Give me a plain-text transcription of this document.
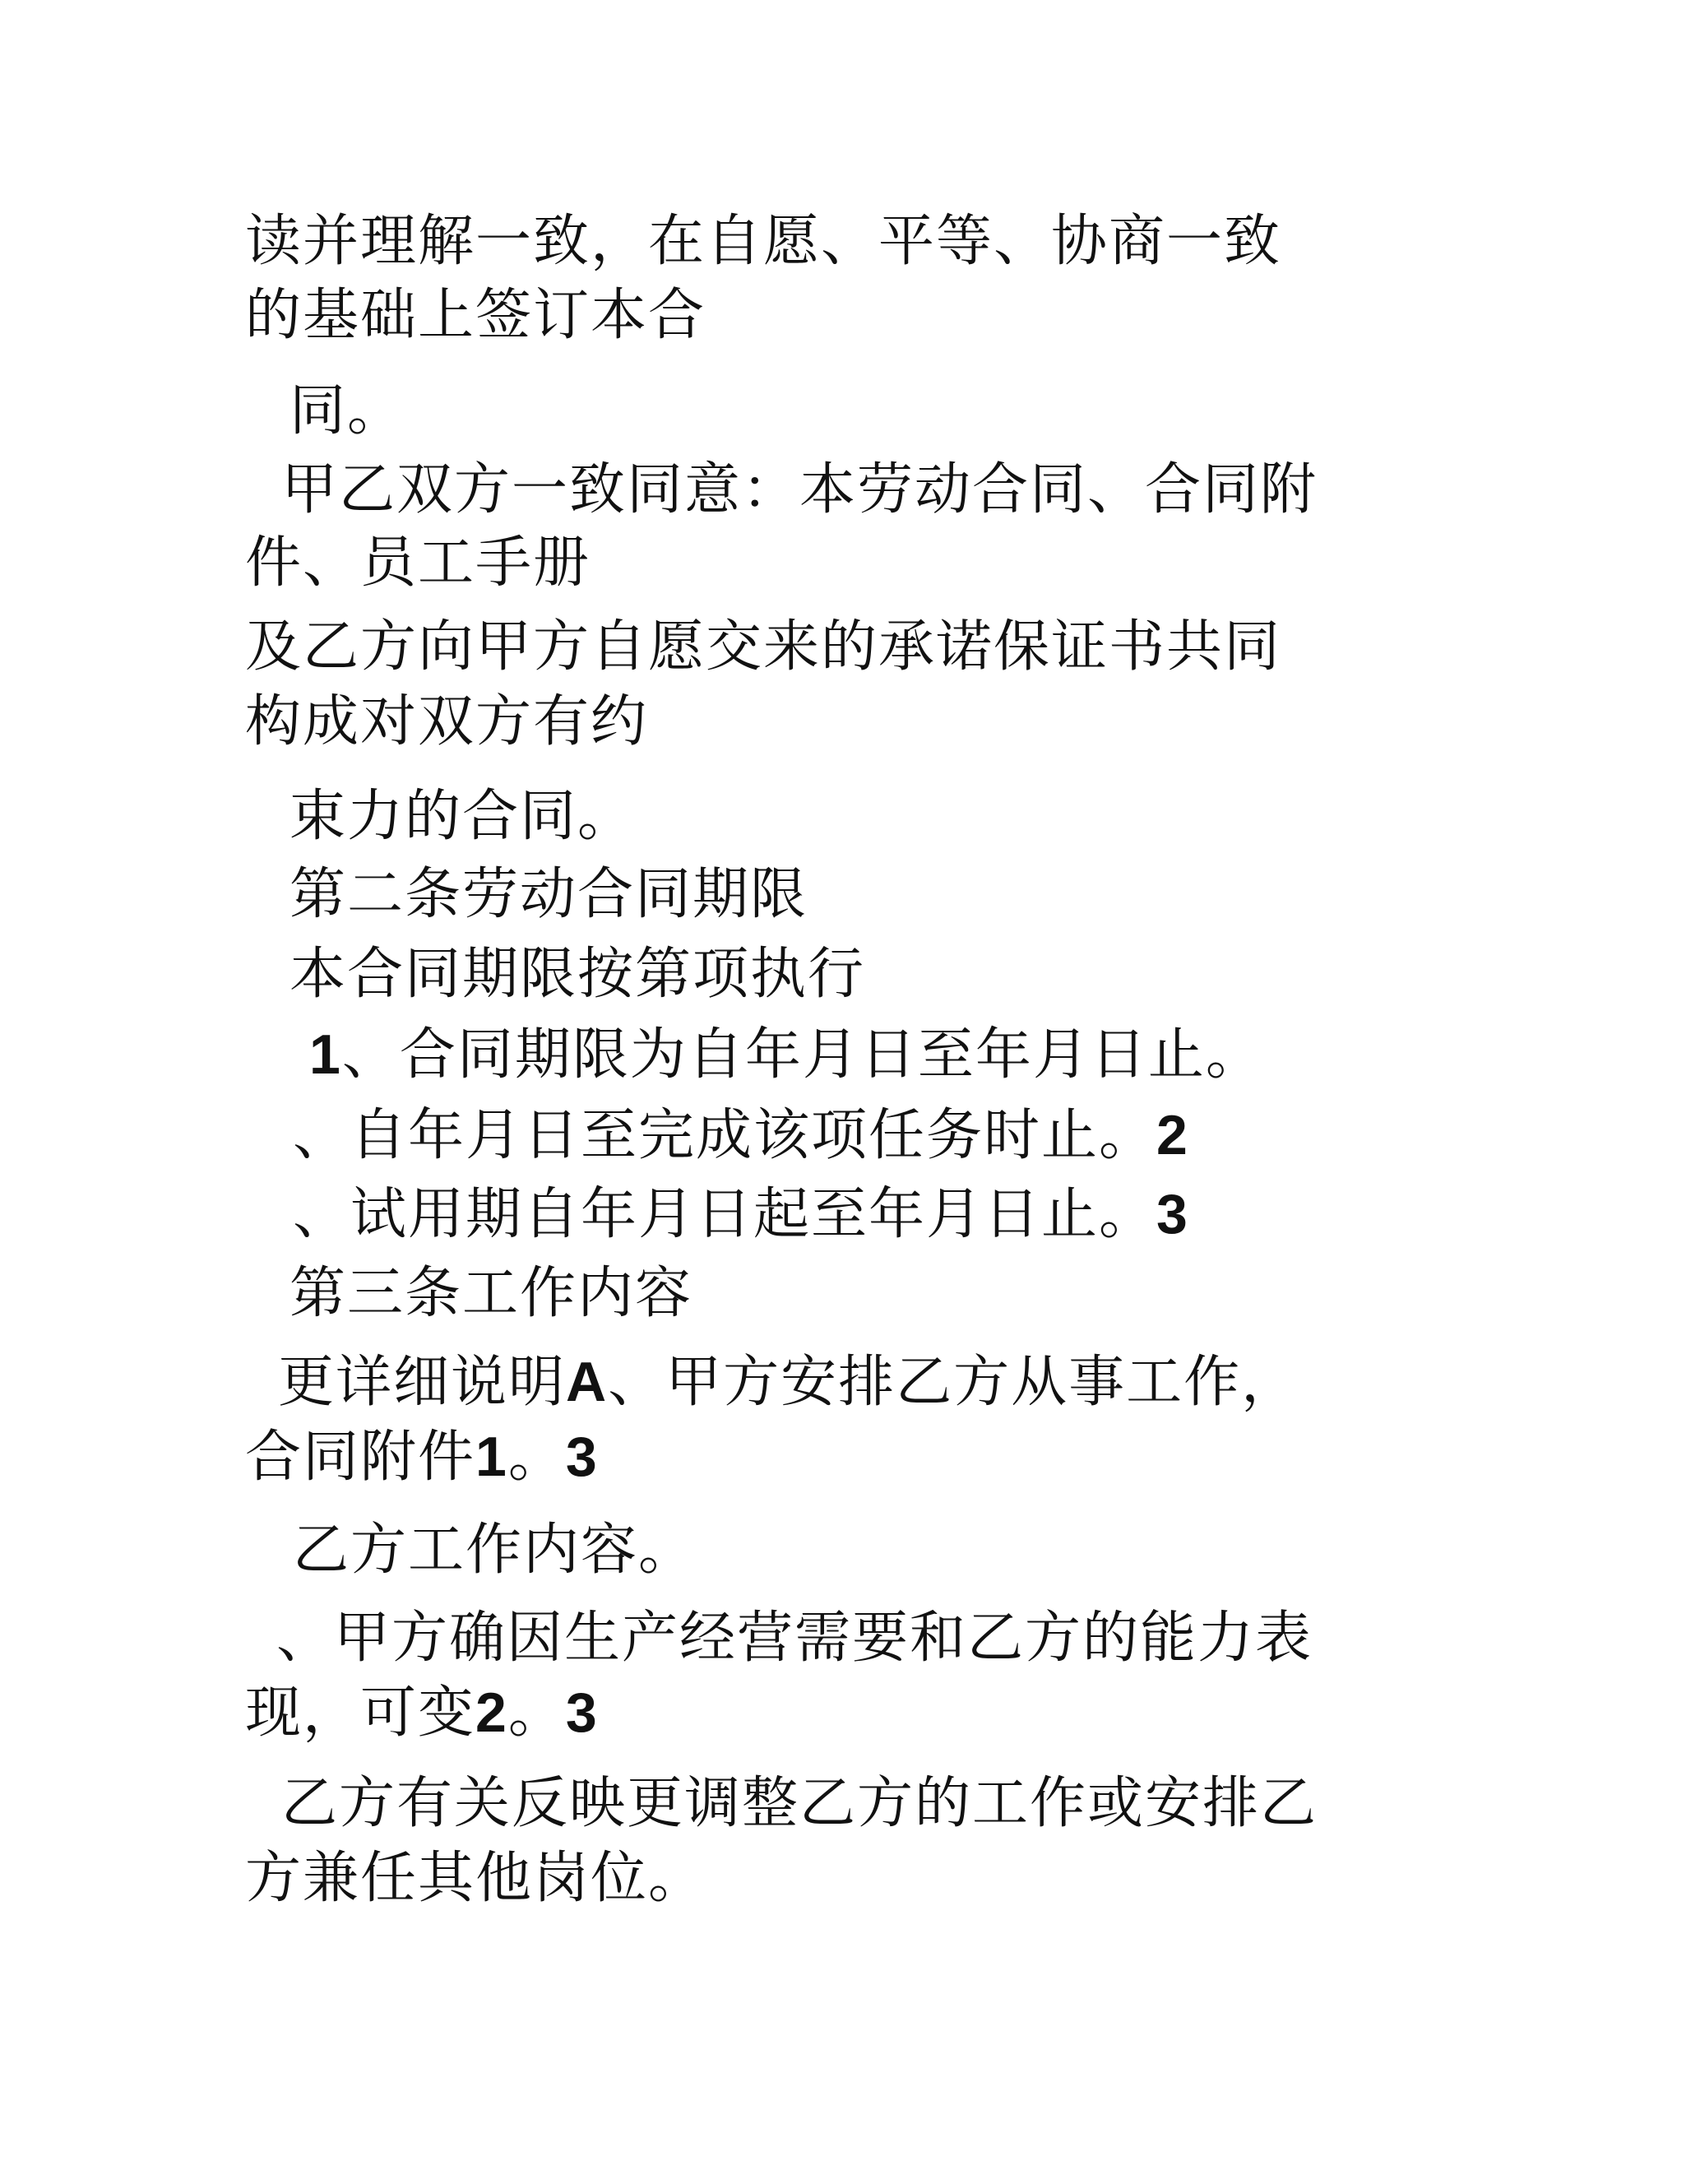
读并理解一致，在自愿、平等、协商一致
的基础上签订本合
同。
甲乙双方一致同意：本劳动合同、合同附
件、员工手册
及乙方向甲方自愿交来的承诺保证书共同
构成对双方有约
束力的合同。
第二条劳动合同期限
本合同期限按第项执行
1、合同期限为自年月日至年月日止。
、自年月日至完成该项任务时止。2
、试用期自年月日起至年月日止。3
第三条工作内容
更详细说明A、甲方安排乙方从事工作，
合同附件1。3
乙方工作内容。
、甲方确因生产经营需要和乙方的能力表
现，可变2。3
乙方有关反映更调整乙方的工作或安排乙
方兼任其他岗位。
